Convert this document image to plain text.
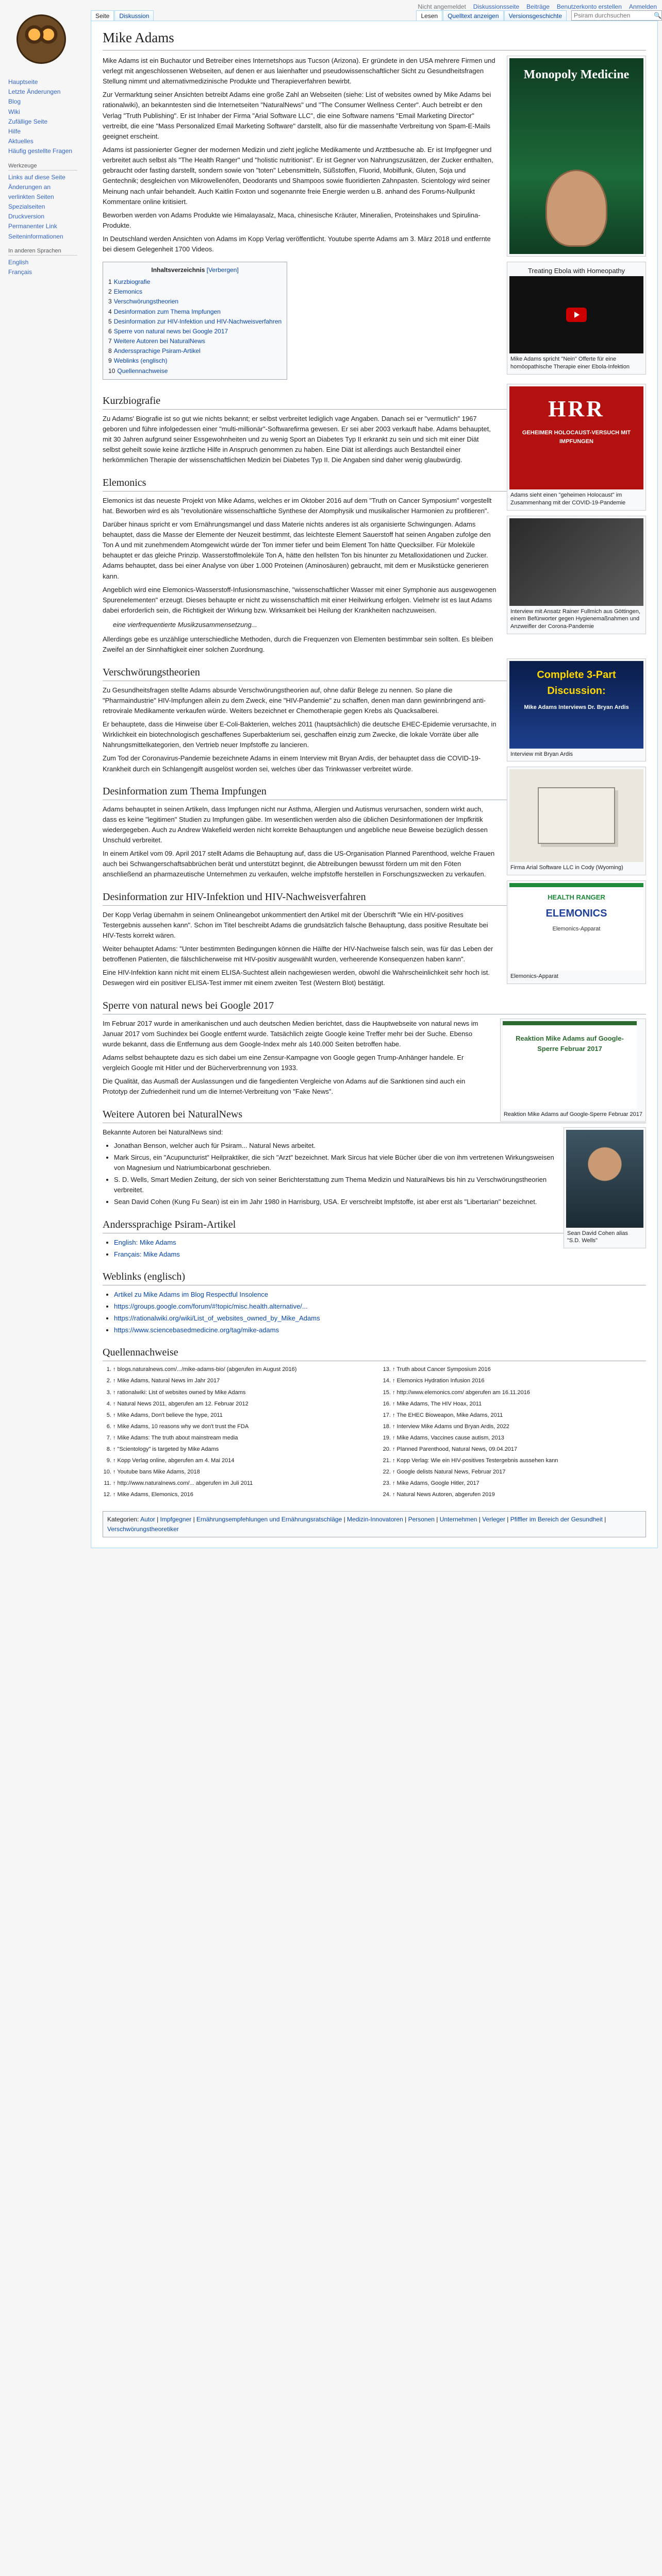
Hauptseite
Letzte Änderungen
Blog
Wiki
Zufällige Seite
Hilfe
Aktuelles
Häufig gestellte Fragen
Werkzeuge
Links auf diese Seite
Änderungen an verlinkten Seiten
Spezialseiten
Druckversion
Permanenter Link
Seiteninformationen
In anderen Sprachen
English
Français
Nicht angemeldet Diskussionsseite Beiträge Benutzerkonto erstellen Anmelden
Seite	Diskussion	Lesen	Quelltext anzeigen	Versionsgeschichte
Psiram durchsuchen	🔍
Mike Adams
Monopoly Medicine
Treating Ebola with Homeopathy
Mike Adams spricht "Nein" Offerte für eine homöopathische Therapie einer Ebola-Infektion

Mike Adams ist ein Buchautor und Betreiber eines Internetshops aus Tucson (Arizona). Er gründete in den USA mehrere Firmen und verlegt mit angeschlossenen Webseiten, auf denen er aus laienhafter und pseudowissenschaftlicher Sicht zu Gesundheitsfragen Stellung nimmt und alternativmedizinische Produkte und Therapieverfahren bewirbt.

Zur Vermarktung seiner Ansichten betreibt Adams eine große Zahl an Webseiten (siehe: List of websites owned by Mike Adams bei rationalwiki), an bekanntesten sind die Internetseiten "NaturalNews" und "The Consumer Wellness Center". Auch betreibt er den Verlag "Truth Publishing". Er ist Inhaber der Firma "Arial Software LLC", die eine Software namens "Email Marketing Director" vertreibt, die eine "Mass Personalized Email Marketing Software" darstellt, also für die massenhafte Verbreitung von Spam-E-Mails geeignet erscheint.

Adams ist passionierter Gegner der modernen Medizin und zieht jegliche Medikamente und Arzttbesuche ab. Er ist Impfgegner und verbreitet auch selbst als "The Health Ranger" und "holistic nutritionist". Er ist Gegner von Nahrungszusätzen, der Zucker enthalten, gebraucht oder fasting darstellt, sondern sowie von "toten" Lebensmitteln, Süßstoffen, Fluorid, Mobilfunk, Gluten, Soja und Gentechnik; desgleichen von Mikrowellenöfen, Deodorants und Shampoos sowie fluoridierten Zahnpasten. Scientology wird seiner Meinung nach unfair behandelt. Auch Kaitlin Foxton und sogenannte freie Energie werden u.B. anhand des Forums-Nullpunkt Kommentare online kritisiert.

Beworben werden von Adams Produkte wie Himalayasalz, Maca, chinesische Kräuter, Mineralien, Proteinshakes und Spirulina-Produkte.

In Deutschland werden Ansichten von Adams im Kopp Verlag veröffentlicht. Youtube sperrte Adams am 3. März 2018 und entfernte bei diesem Gelegenheit 1700 Videos.

Inhaltsverzeichnis [Verbergen]
1 Kurzbiografie
2 Elemonics
3 Verschwörungstheorien
4 Desinformation zum Thema Impfungen
5 Desinformation zur HIV-Infektion und HIV-Nachweisverfahren
6 Sperre von natural news bei Google 2017
7 Weitere Autoren bei NaturalNews
8 Anderssprachige Psiram-Artikel
9 Weblinks (englisch)
10 Quellennachweise
HRR
GEHEIMER HOLOCAUST-VERSUCH MIT IMPFUNGEN
Adams sieht einen "geheimen Holocaust" im Zusammenhang mit der COVID-19-Pandemie
Kurzbiografie

Zu Adams' Biografie ist so gut wie nichts bekannt; er selbst verbreitet lediglich vage Angaben. Danach sei er "vermutlich" 1967 geboren und führe infolgedessen einer "multi-millionär"-Softwarefirma gewesen. Er sei aber 2003 verkauft habe. Adams behauptet, mit 30 Jahren aufgrund seiner Essgewohnheiten und zu wenig Sport an Diabetes Typ II erkrankt zu sein und sich mit einer Diät selbst geheilt sowie keine ärztliche Hilfe in Anspruch genommen zu haben. Eine Diät ist allerdings auch Bestandteil einer herkömmlichen Therapie der wissenschaftlichen Medizin bei Diabetes Typ II. Die Angaben sind daher wenig glaubwürdig.

Interview mit Ansatz Rainer Fullmich aus Göttingen, einem Befürworter gegen Hygienemaßnahmen und Anzweifler der Corona-Pandemie
Elemonics

Elemonics ist das neueste Projekt von Mike Adams, welches er im Oktober 2016 auf dem "Truth on Cancer Symposium" vorgestellt hat. Beworben wird es als "revolutionäre wissenschaftliche Synthese der Atomphysik und musikalischer Harmonien zu profitieren".

Darüber hinaus spricht er vom Ernährungsmangel und dass Materie nichts anderes ist als organisierte Schwingungen. Adams behauptet, dass die Masse der Elemente der Neuzeit bestimmt, das leichteste Element Sauerstoff hat seinen Angaben zufolge den Ton A und mit zunehmendem Atomgewicht würde der Ton immer tiefer und beim Element Ton hätte Quecksilber. Für Moleküle behauptet er das gleiche Prinzip. Wasserstoffmoleküle Ton A, hätte den hellsten Ton bis hinunter zu Metalloxidationen und Zucker. Adams behauptet, dass bei einer Analyse von über 1.000 Proteinen (Aminosäuren) gebraucht, mit dem er Musikstücke generieren kann.

Angeblich wird eine Elemonics-Wasserstoff-Infusionsmaschine, "wissenschaftlicher Wasser mit einer Symphonie aus ausgewogenen Spurenelementen" erzeugt. Dieses behaupte er nicht zu wissenschaftlich mit einer Heilwirkung erfolgen. Vielmehr ist es laut Adams dabei erforderlich sein, die Richtigkeit der Wirkung bzw. Wirksamkeit bei Heilung der Krankheiten nachzuweisen.

eine vierfrequentierte Musikzusammensetzung...

Allerdings gebe es unzählige unterschiedliche Methoden, durch die Frequenzen von Elementen bestimmbar sein sollten. Es bleiben Zweifel an der Sinnhaftigkeit einer solchen Zuordnung.

Complete 3-Part Discussion:
Mike Adams Interviews Dr. Bryan Ardis
Interview mit Bryan Ardis
Firma Arial Software LLC in Cody (Wyoming)
HEALTH RANGER
ELEMONICS
Elemonics-Apparat
Elemonics-Apparat
Verschwörungstheorien

Zu Gesundheitsfragen stellte Adams absurde Verschwörungstheorien auf, ohne dafür Belege zu nennen. So plane die "Pharmaindustrie" HIV-Impfungen allein zu dem Zweck, eine "HIV-Pandemie" zu schaffen, denen man dann gewinnbringend anti-retrovirale Medikamente verkaufen würde. Weiters bezeichnet er Chemotherapie gegen Krebs als Quacksalberei.

Er behauptete, dass die Hinweise über E-Coli-Bakterien, welches 2011 (hauptsächlich) die deutsche EHEC-Epidemie verursachte, in Wirklichkeit ein biotechnologisch geschaffenes Superbakterium sei, geschaffen einzig zum Zwecke, die lokale Vorräte über alle Nahrungsmittelkategorien, den Vertrieb neuer Impfstoffe zu lancieren.

Zum Tod der Coronavirus-Pandemie bezeichnete Adams in einem Interview mit Bryan Ardis, der behauptet dass die COVID-19-Krankheit durch ein Schlangengift ausgelöst worden sei, welches über das Trinkwasser verbreitet würde.

Desinformation zum Thema Impfungen

Adams behauptet in seinen Artikeln, dass Impfungen nicht nur Asthma, Allergien und Autismus verursachen, sondern wirkt auch, dass es keine "legitimen" Studien zu Impfungen gäbe. Im wesentlichen werden also die üblichen Desinformationen der Impfkritik wiedergegeben. Auch zu Andrew Wakefield werden nicht korrekte Behauptungen und angebliche neue Beweise bezüglich dessen Unschuld verbreitet.

In einem Artikel vom 09. April 2017 stellt Adams die Behauptung auf, dass die US-Organisation Planned Parenthood, welche Frauen auch bei Schwangerschaftsabbrüchen berät und unterstützt beginnt, die Abtreibungen bewusst fördern um mit den Föten anschließend an pharmazeutische Unternehmen zu verkaufen, welche impfstoffe herstellen in Forschungszwecken zu verkaufen.

Desinformation zur HIV-Infektion und HIV-Nachweisverfahren

Der Kopp Verlag übernahm in seinem Onlineangebot unkommentiert den Artikel mit der Überschrift "Wie ein HIV-positives Testergebnis aussehen kann". Schon im Titel beschreibt Adams die grundsätzlich falsche Behauptung, dass positive Resultate bei HIV-Tests korrekt wären.

Weiter behauptet Adams: "Unter bestimmten Bedingungen können die Hälfte der HIV-Nachweise falsch sein, was für das Leben der betroffenen Patienten, die fälschlicherweise mit HIV-positiv ausgewählt wurden, verheerende Konsequenzen haben kann".

Eine HIV-Infektion kann nicht mit einem ELISA-Suchtest allein nachgewiesen werden, obwohl die Wahrscheinlichkeit sehr hoch ist. Deswegen wird ein positiver ELISA-Test immer mit einem zweiten Test (Western Blot) bestätigt.

Sperre von natural news bei Google 2017
Reaktion Mike Adams auf Google-Sperre Februar 2017
Reaktion Mike Adams auf Google-Sperre Februar 2017

Im Februar 2017 wurde in amerikanischen und auch deutschen Medien berichtet, dass die Hauptwebseite von natural news im Januar 2017 vom Suchindex bei Google entfernt wurde. Tatsächlich zeigte Google keine Treffer mehr bei der Suche. Ebenso wurde bekannt, dass die Entfernung aus dem Google-Index mehr als 140.000 Seiten betroffen habe.

Adams selbst behauptete dazu es sich dabei um eine Zensur-Kampagne von Google gegen Trump-Anhänger handele. Er vergleich Google mit Hitler und der Bücherverbrennung von 1933.

Die Qualität, das Ausmaß der Auslassungen und die fangedienten Vergleiche von Adams auf die Sanktionen sind auch ein Prototyp der Zufriedenheit rund um die Internet-Verbreitung von "Fake News".

Weitere Autoren bei NaturalNews
Sean David Cohen alias "S.D. Wells"

Bekannte Autoren bei NaturalNews sind:

• Jonathan Benson, welcher auch für Psiram... Natural News arbeitet.
• Mark Sircus, ein "Acupuncturist" Heilpraktiker, die sich "Arzt" bezeichnet. Mark Sircus hat viele Bücher über die von ihm vertretenen Wirkungsweisen von Magnesium und Natriumbicarbonat geschrieben.
• S. D. Wells, Smart Medien Zeitung, der sich von seiner Berichterstattung zum Thema Medizin und NaturalNews bis hin zu Verschwörungstheorien verbreitet.
• Sean David Cohen (Kung Fu Sean) ist ein im Jahr 1980 in Harrisburg, USA. Er verschreibt Impfstoffe, ist aber erst als "Libertarian" bezeichnet.
Anderssprachige Psiram-Artikel
• English: Mike Adams
• Français: Mike Adams
Weblinks (englisch)
• Artikel zu Mike Adams im Blog Respectful Insolence
• https://groups.google.com/forum/#!topic/misc.health.alternative/...
• https://rationalwiki.org/wiki/List_of_websites_owned_by_Mike_Adams
• https://www.sciencebasedmedicine.org/tag/mike-adams
Quellennachweise
1. ↑ blogs.naturalnews.com/.../mike-adams-bio/ (abgerufen im August 2016)
2. ↑ Mike Adams, Natural News im Jahr 2017
3. ↑ rationalwiki: List of websites owned by Mike Adams
4. ↑ Natural News 2011, abgerufen am 12. Februar 2012
5. ↑ Mike Adams, Don't believe the hype, 2011
6. ↑ Mike Adams, 10 reasons why we don't trust the FDA
7. ↑ Mike Adams: The truth about mainstream media
8. ↑ "Scientology" is targeted by Mike Adams
9. ↑ Kopp Verlag online, abgerufen am 4. Mai 2014
10. ↑ Youtube bans Mike Adams, 2018
11. ↑ http://www.naturalnews.com/... abgerufen im Juli 2011
12. ↑ Mike Adams, Elemonics, 2016
13. ↑ Truth about Cancer Symposium 2016
14. ↑ Elemonics Hydration Infusion 2016
15. ↑ http://www.elemonics.com/ abgerufen am 16.11.2016
16. ↑ Mike Adams, The HIV Hoax, 2011
17. ↑ The EHEC Bioweapon, Mike Adams, 2011
18. ↑ Interview Mike Adams und Bryan Ardis, 2022
19. ↑ Mike Adams, Vaccines cause autism, 2013
20. ↑ Planned Parenthood, Natural News, 09.04.2017
21. ↑ Kopp Verlag: Wie ein HIV-positives Testergebnis aussehen kann
22. ↑ Google delists Natural News, Februar 2017
23. ↑ Mike Adams, Google Hitler, 2017
24. ↑ Natural News Autoren, abgerufen 2019
Kategorien: Autor | Impfgegner | Ernährungsempfehlungen und Ernährungsratschläge | Medizin-Innovatoren | Personen | Unternehmen | Verleger | Pfiffler im Bereich der Gesundheit | Verschwörungstheoretiker
